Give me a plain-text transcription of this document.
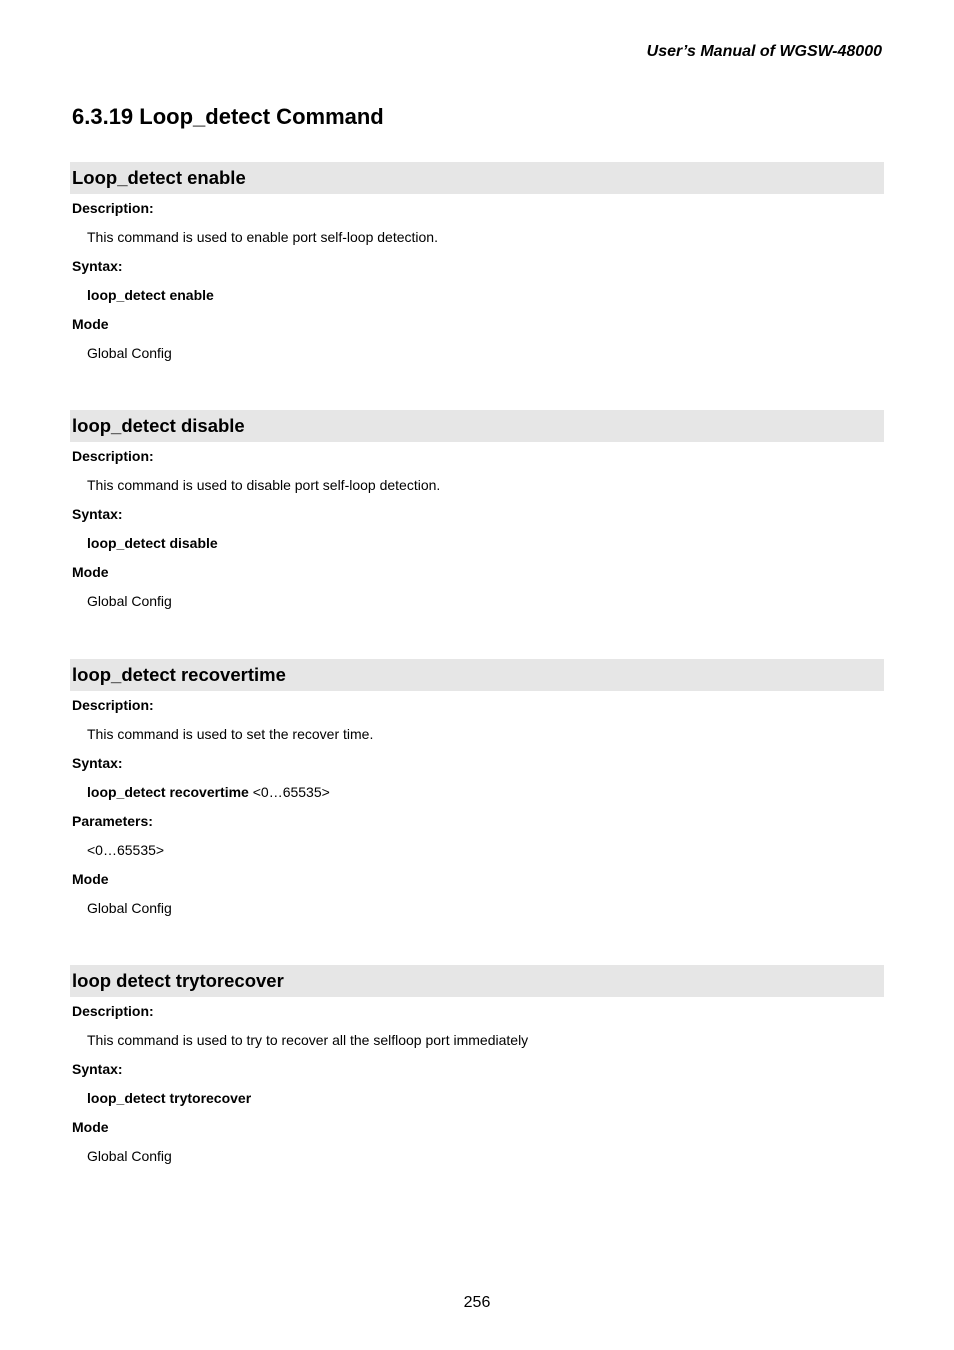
User’s Manual of WGSW-48000
6.3.19 Loop_detect Command
Loop_detect enable
Description:
This command is used to enable port self-loop detection.
Syntax:
loop_detect enable
Mode
Global Config
loop_detect disable
Description:
This command is used to disable port self-loop detection.
Syntax:
loop_detect disable
Mode
Global Config
loop_detect recovertime
Description:
This command is used to set the recover time.
Syntax:
loop_detect recovertime <0…65535>
Parameters:
<0…65535>
Mode
Global Config
loop detect trytorecover
Description:
This command is used to try to recover all the selfloop port immediately
Syntax:
loop_detect trytorecover
Mode
Global Config
256
